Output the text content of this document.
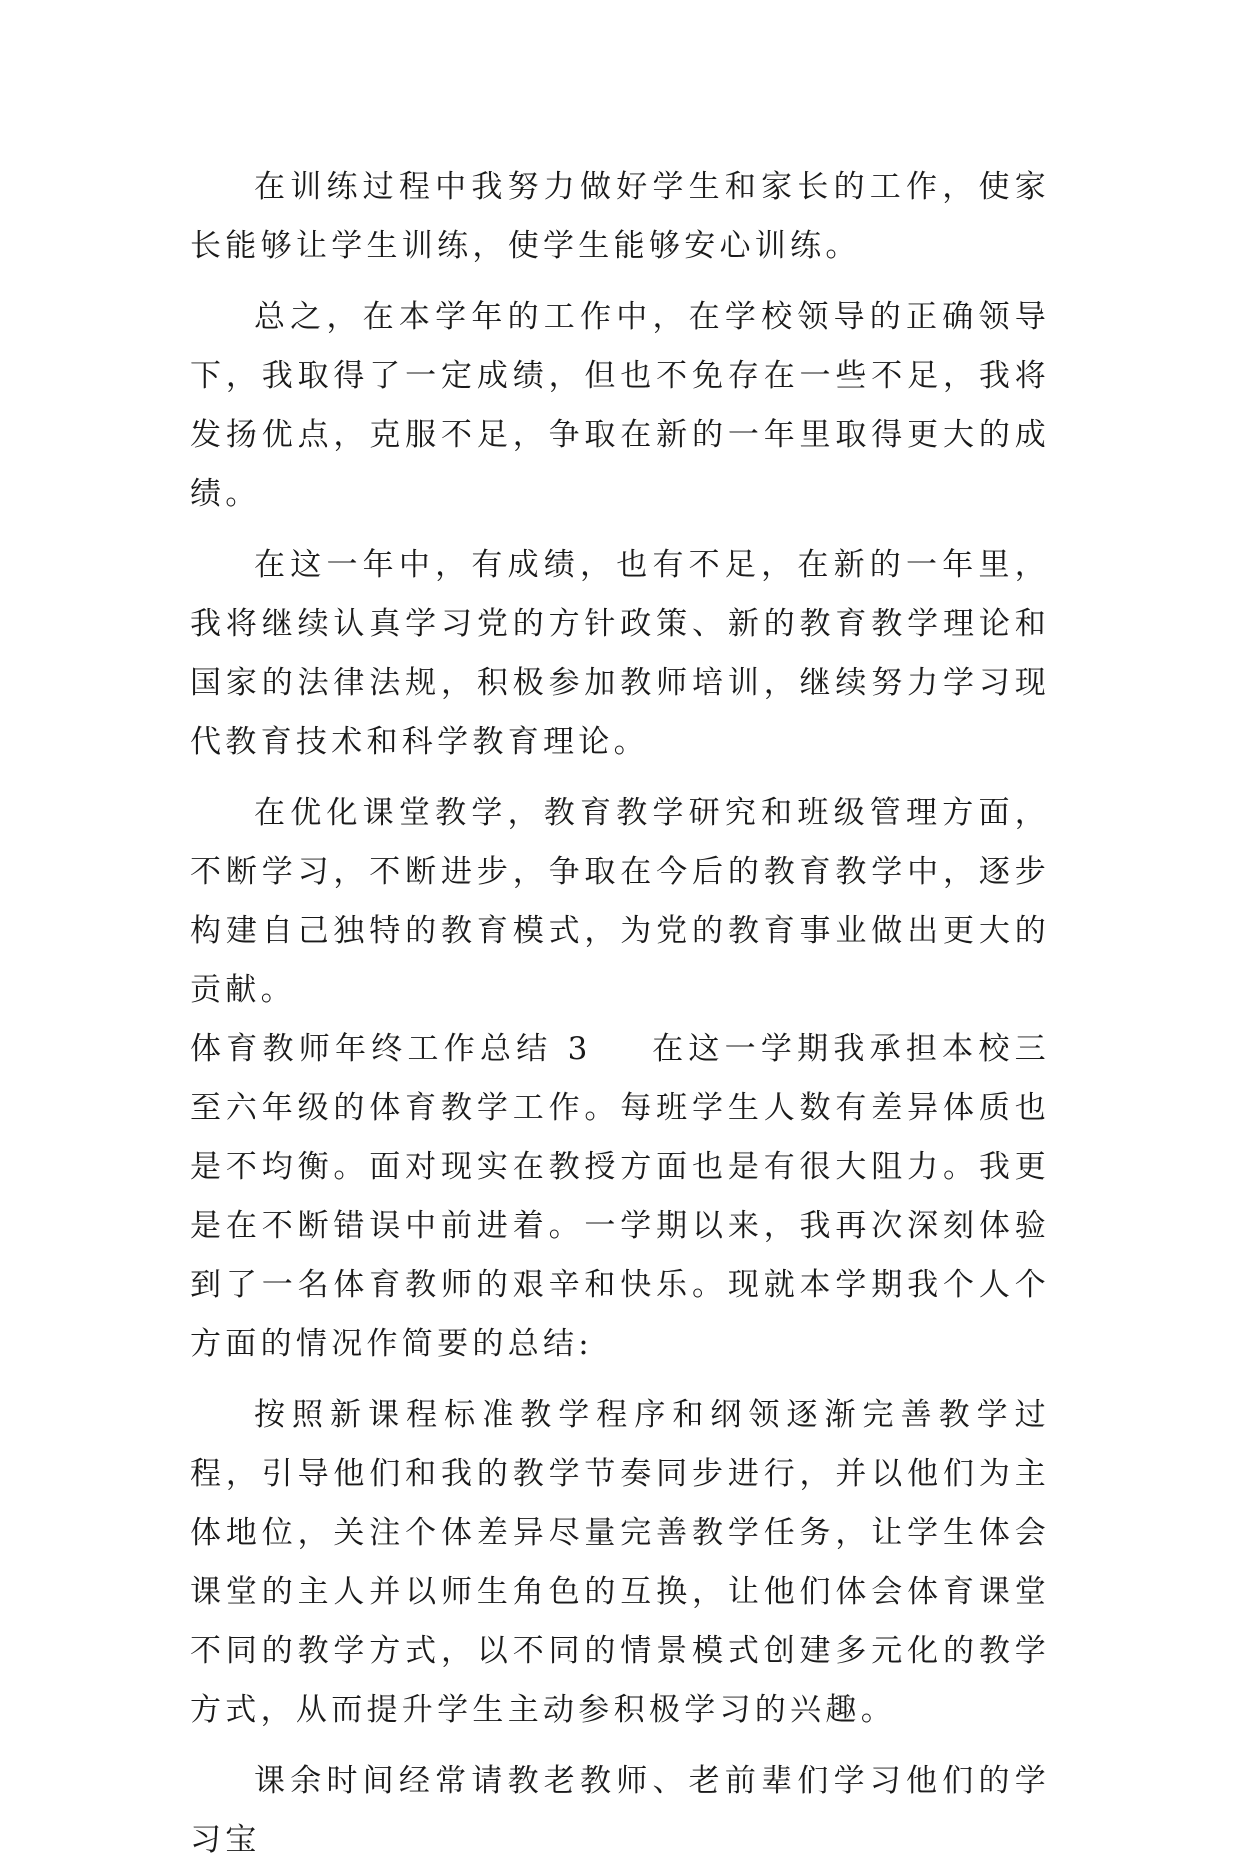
在训练过程中我努力做好学生和家长的工作，使家长能够让学生训练，使学生能够安心训练。

总之，在本学年的工作中，在学校领导的正确领导下，我取得了一定成绩，但也不免存在一些不足，我将发扬优点，克服不足，争取在新的一年里取得更大的成绩。

在这一年中，有成绩，也有不足，在新的一年里，我将继续认真学习党的方针政策、新的教育教学理论和国家的法律法规，积极参加教师培训，继续努力学习现代教育技术和科学教育理论。

在优化课堂教学，教育教学研究和班级管理方面，不断学习，不断进步，争取在今后的教育教学中，逐步构建自己独特的教育模式，为党的教育事业做出更大的贡献。

体育教师年终工作总结 3 在这一学期我承担本校三至六年级的体育教学工作。每班学生人数有差异体质也是不均衡。面对现实在教授方面也是有很大阻力。我更是在不断错误中前进着。一学期以来，我再次深刻体验到了一名体育教师的艰辛和快乐。现就本学期我个人个方面的情况作简要的总结:

按照新课程标准教学程序和纲领逐渐完善教学过程，引导他们和我的教学节奏同步进行，并以他们为主体地位，关注个体差异尽量完善教学任务，让学生体会课堂的主人并以师生角色的互换，让他们体会体育课堂不同的教学方式，以不同的情景模式创建多元化的教学方式，从而提升学生主动参积极学习的兴趣。

课余时间经常请教老教师、老前辈们学习他们的学习宝
